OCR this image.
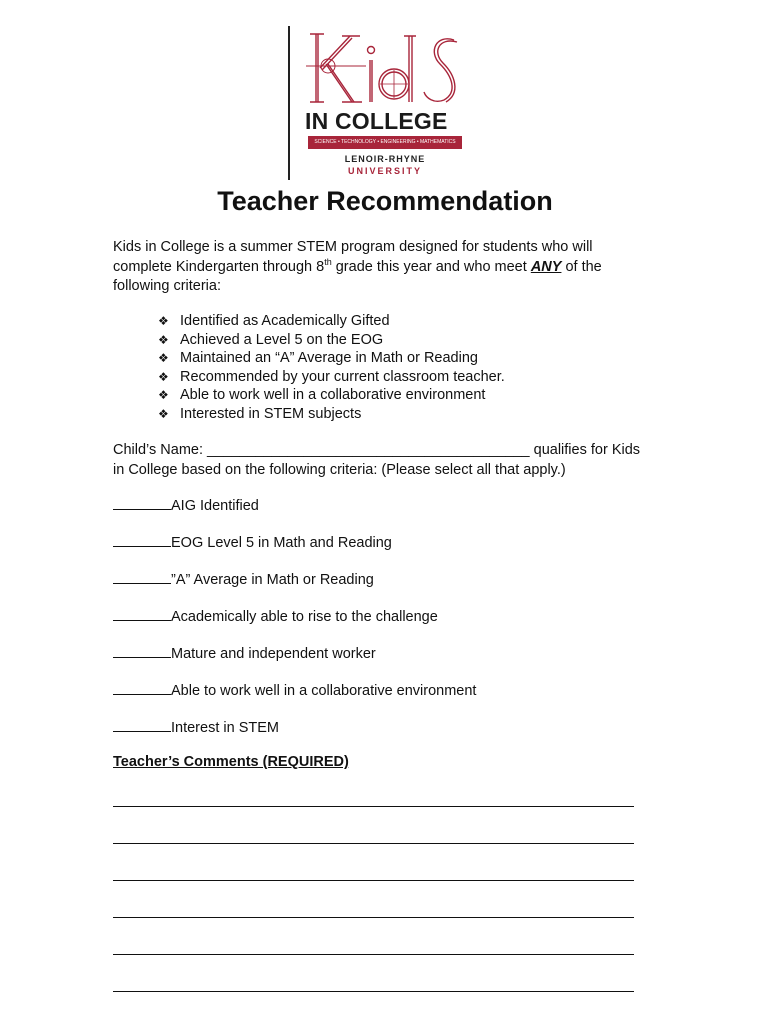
IN COLLEGE
SCIENCE • TECHNOLOGY • ENGINEERING • MATHEMATICS
LENOIR-RHYNE
UNIVERSITY
Teacher Recommendation
Kids in College is a summer STEM program designed for students who will complete Kindergarten through 8th grade this year and who meet ANY of the following criteria:
❖ Identified as Academically Gifted
❖ Achieved a Level 5 on the EOG
❖ Maintained an “A” Average in Math or Reading
❖ Recommended by your current classroom teacher.
❖ Able to work well in a collaborative environment
❖ Interested in STEM subjects
Child’s Name: ________________________________________ qualifies for Kids in College based on the following criteria: (Please select all that apply.)
AIG Identified
EOG Level 5 in Math and Reading
”A” Average in Math or Reading
Academically able to rise to the challenge
Mature and independent worker
Able to work well in a collaborative environment
Interest in STEM
Teacher’s Comments (REQUIRED)
